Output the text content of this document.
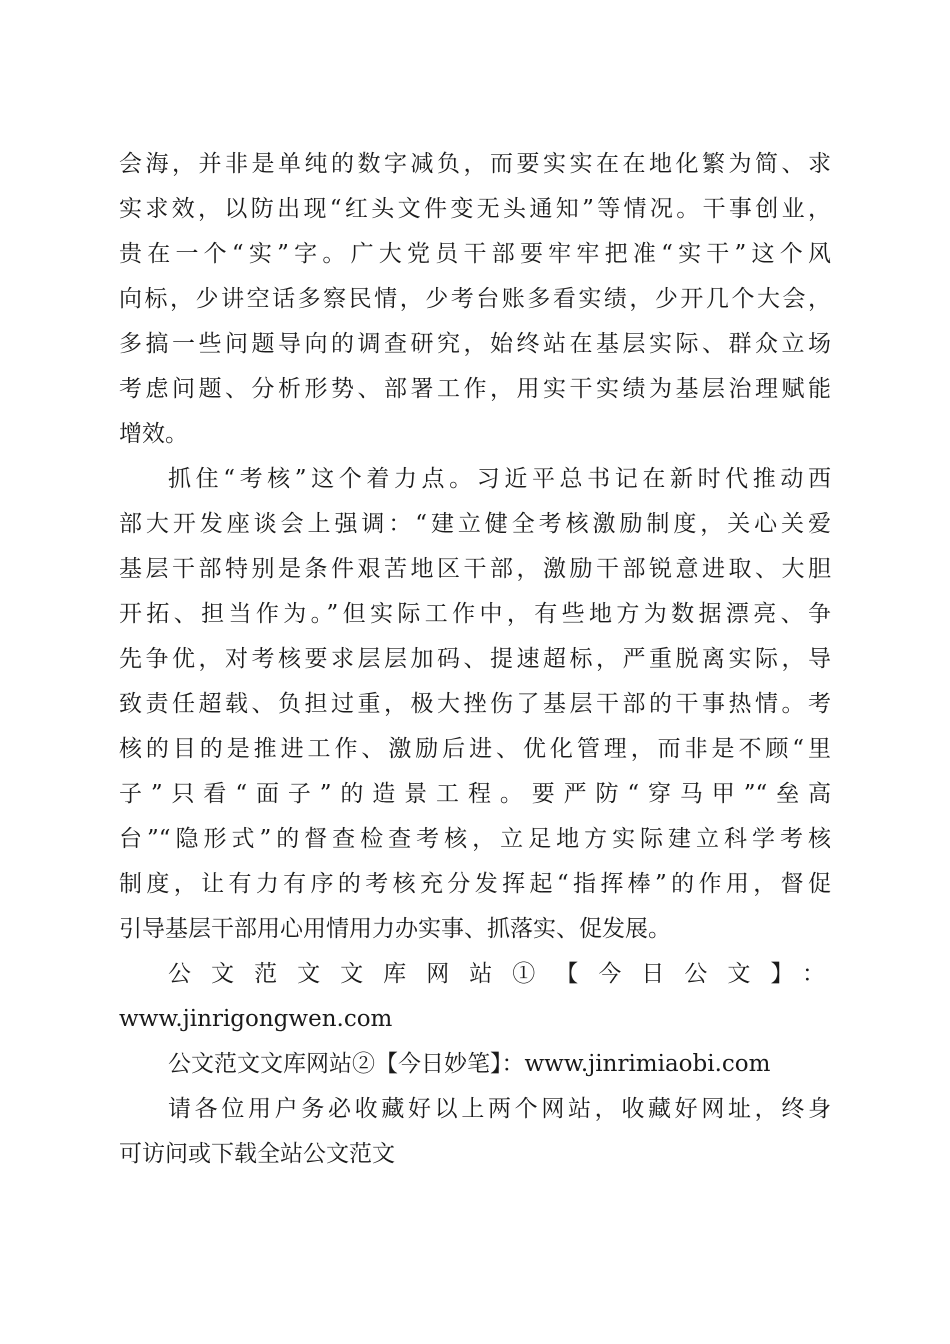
会海，并非是单纯的数字减负，而要实实在在地化繁为简、求
实求效，以防出现“红头文件变无头通知”等情况。干事创业，
贵在一个“实”字。广大党员干部要牢牢把准“实干”这个风
向标，少讲空话多察民情，少考台账多看实绩，少开几个大会，
多搞一些问题导向的调查研究，始终站在基层实际、群众立场
考虑问题、分析形势、部署工作，用实干实绩为基层治理赋能
增效。
抓住“考核”这个着力点。习近平总书记在新时代推动西
部大开发座谈会上强调：“建立健全考核激励制度，关心关爱
基层干部特别是条件艰苦地区干部，激励干部锐意进取、大胆
开拓、担当作为。”但实际工作中，有些地方为数据漂亮、争
先争优，对考核要求层层加码、提速超标，严重脱离实际，导
致责任超载、负担过重，极大挫伤了基层干部的干事热情。考
核的目的是推进工作、激励后进、优化管理，而非是不顾“里
子”只看“面子”的造景工程。要严防“穿马甲”“垒高
台”“隐形式”的督查检查考核，立足地方实际建立科学考核
制度，让有力有序的考核充分发挥起“指挥棒”的作用，督促
引导基层干部用心用情用力办实事、抓落实、促发展。
公文范文文库网站①【今日公文】：
www.jinrigongwen.com
公文范文文库网站②【今日妙笔】：www.jinrimiaobi.com
请各位用户务必收藏好以上两个网站，收藏好网址，终身
可访问或下载全站公文范文
